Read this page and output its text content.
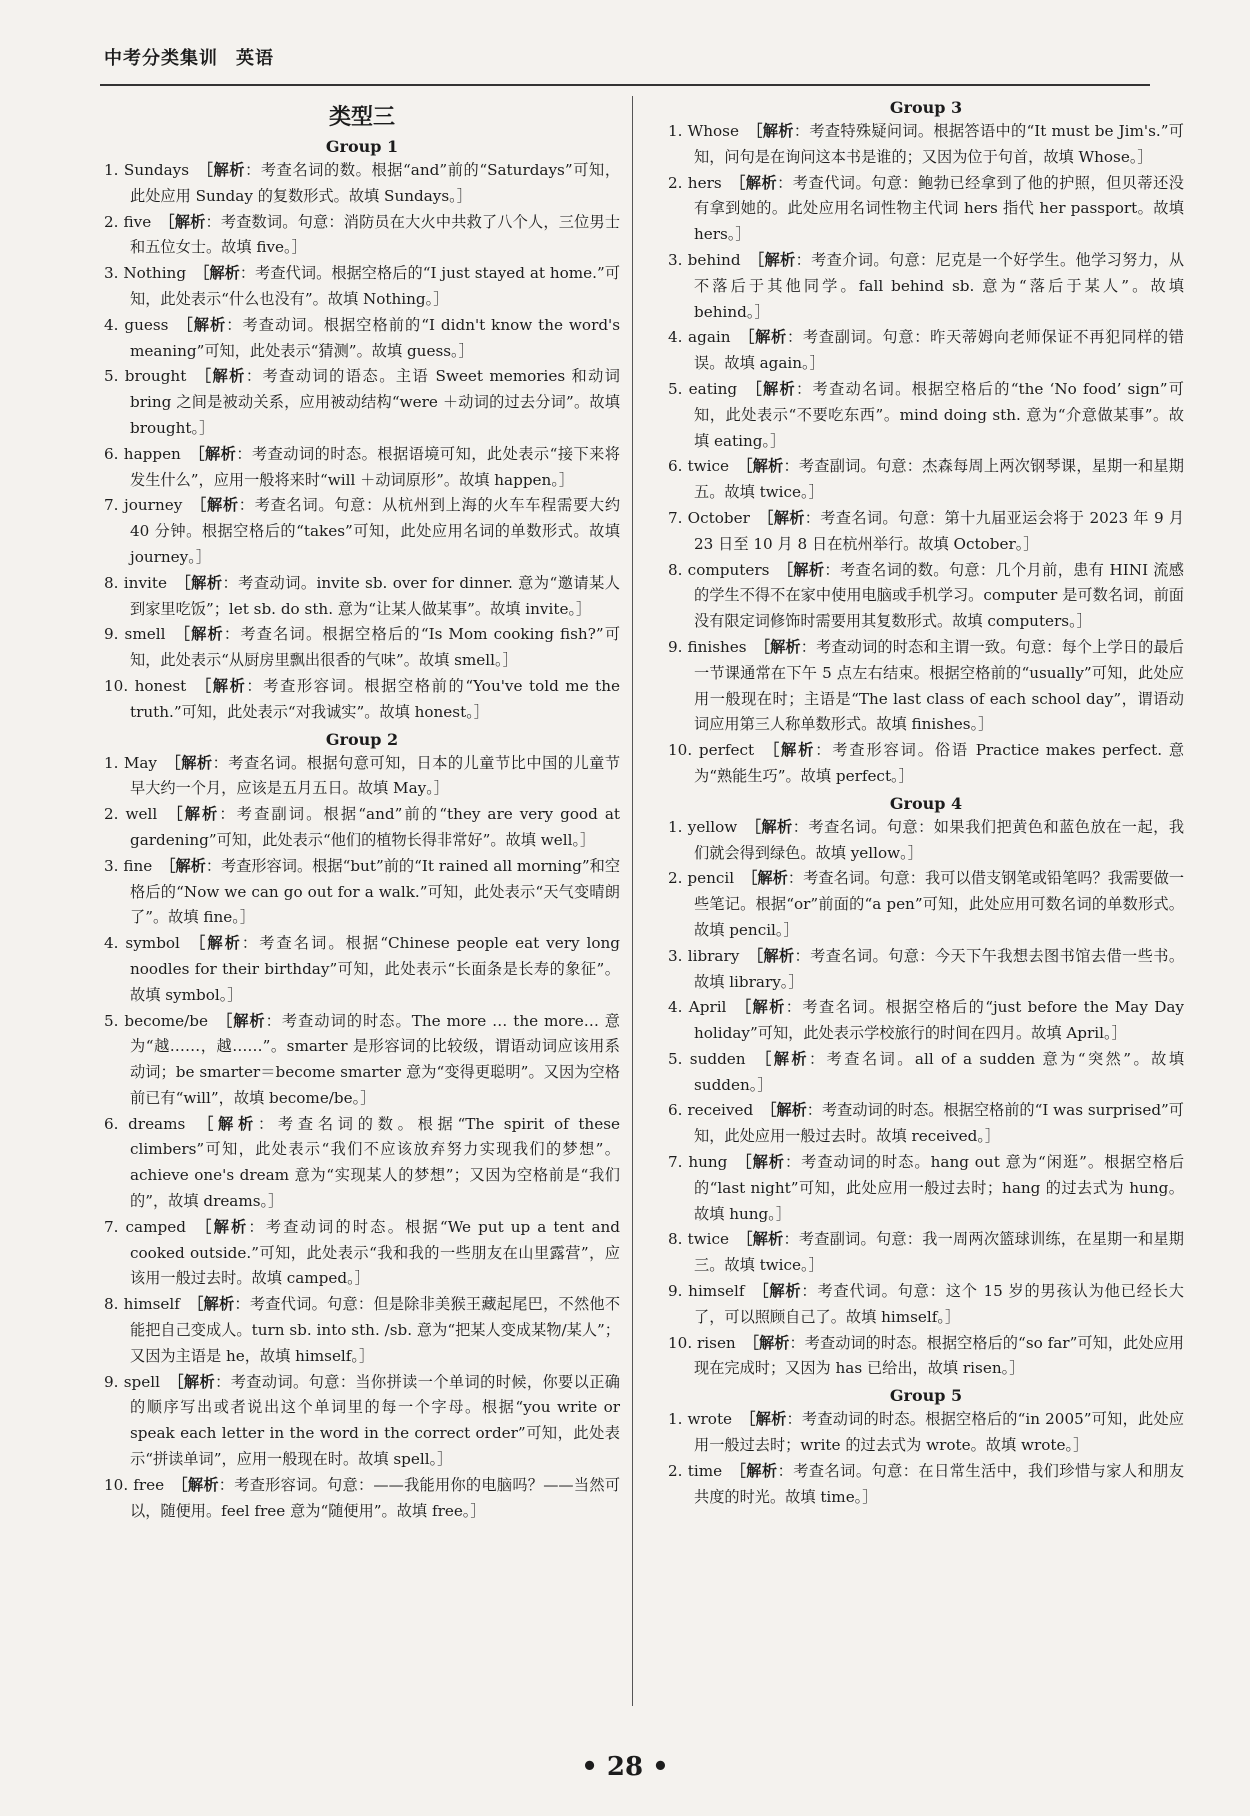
中考分类集训 英语
类型三
Group 1
1. Sundays ［解析：考查名词的数。根据“and”前的“Saturdays”可知，此处应用 Sunday 的复数形式。故填 Sundays。］
2. five ［解析：考查数词。句意：消防员在大火中共救了八个人，三位男士和五位女士。故填 five。］
3. Nothing ［解析：考查代词。根据空格后的“I just stayed at home.”可知，此处表示“什么也没有”。故填 Nothing。］
4. guess ［解析：考查动词。根据空格前的“I didn't know the word's meaning”可知，此处表示“猜测”。故填 guess。］
5. brought ［解析：考查动词的语态。主语 Sweet memories 和动词 bring 之间是被动关系，应用被动结构“were ＋动词的过去分词”。故填 brought。］
6. happen ［解析：考查动词的时态。根据语境可知，此处表示“接下来将发生什么”，应用一般将来时“will ＋动词原形”。故填 happen。］
7. journey ［解析：考查名词。句意：从杭州到上海的火车车程需要大约 40 分钟。根据空格后的“takes”可知，此处应用名词的单数形式。故填 journey。］
8. invite ［解析：考查动词。invite sb. over for dinner. 意为“邀请某人到家里吃饭”；let sb. do sth. 意为“让某人做某事”。故填 invite。］
9. smell ［解析：考查名词。根据空格后的“Is Mom cooking fish?”可知，此处表示“从厨房里飘出很香的气味”。故填 smell。］
10. honest ［解析：考查形容词。根据空格前的“You've told me the truth.”可知，此处表示“对我诚实”。故填 honest。］
Group 2
1. May ［解析：考查名词。根据句意可知，日本的儿童节比中国的儿童节早大约一个月，应该是五月五日。故填 May。］
2. well ［解析：考查副词。根据“and”前的“they are very good at gardening”可知，此处表示“他们的植物长得非常好”。故填 well。］
3. fine ［解析：考查形容词。根据“but”前的“It rained all morning”和空格后的“Now we can go out for a walk.”可知，此处表示“天气变晴朗了”。故填 fine。］
4. symbol ［解析：考查名词。根据“Chinese people eat very long noodles for their birthday”可知，此处表示“长面条是长寿的象征”。故填 symbol。］
5. become/be ［解析：考查动词的时态。The more … the more… 意为“越……，越……”。smarter 是形容词的比较级，谓语动词应该用系动词；be smarter＝become smarter 意为“变得更聪明”。又因为空格前已有“will”，故填 become/be。］
6. dreams ［解析：考查名词的数。根据“The spirit of these climbers”可知，此处表示“我们不应该放弃努力实现我们的梦想”。achieve one's dream 意为“实现某人的梦想”；又因为空格前是“我们的”，故填 dreams。］
7. camped ［解析：考查动词的时态。根据“We put up a tent and cooked outside.”可知，此处表示“我和我的一些朋友在山里露营”，应该用一般过去时。故填 camped。］
8. himself ［解析：考查代词。句意：但是除非美猴王藏起尾巴，不然他不能把自己变成人。turn sb. into sth. /sb. 意为“把某人变成某物/某人”；又因为主语是 he，故填 himself。］
9. spell ［解析：考查动词。句意：当你拼读一个单词的时候，你要以正确的顺序写出或者说出这个单词里的每一个字母。根据“you write or speak each letter in the word in the correct order”可知，此处表示“拼读单词”，应用一般现在时。故填 spell。］
10. free ［解析：考查形容词。句意：——我能用你的电脑吗？——当然可以，随便用。feel free 意为“随便用”。故填 free。］
Group 3
1. Whose ［解析：考查特殊疑问词。根据答语中的“It must be Jim's.”可知，问句是在询问这本书是谁的；又因为位于句首，故填 Whose。］
2. hers ［解析：考查代词。句意：鲍勃已经拿到了他的护照，但贝蒂还没有拿到她的。此处应用名词性物主代词 hers 指代 her passport。故填 hers。］
3. behind ［解析：考查介词。句意：尼克是一个好学生。他学习努力，从不落后于其他同学。fall behind sb. 意为“落后于某人”。故填 behind。］
4. again ［解析：考查副词。句意：昨天蒂姆向老师保证不再犯同样的错误。故填 again。］
5. eating ［解析：考查动名词。根据空格后的“the ‘No food’ sign”可知，此处表示“不要吃东西”。mind doing sth. 意为“介意做某事”。故填 eating。］
6. twice ［解析：考查副词。句意：杰森每周上两次钢琴课，星期一和星期五。故填 twice。］
7. October ［解析：考查名词。句意：第十九届亚运会将于 2023 年 9 月 23 日至 10 月 8 日在杭州举行。故填 October。］
8. computers ［解析：考查名词的数。句意：几个月前，患有 HINI 流感的学生不得不在家中使用电脑或手机学习。computer 是可数名词，前面没有限定词修饰时需要用其复数形式。故填 computers。］
9. finishes ［解析：考查动词的时态和主谓一致。句意：每个上学日的最后一节课通常在下午 5 点左右结束。根据空格前的“usually”可知，此处应用一般现在时；主语是“The last class of each school day”，谓语动词应用第三人称单数形式。故填 finishes。］
10. perfect ［解析：考查形容词。俗语 Practice makes perfect. 意为“熟能生巧”。故填 perfect。］
Group 4
1. yellow ［解析：考查名词。句意：如果我们把黄色和蓝色放在一起，我们就会得到绿色。故填 yellow。］
2. pencil ［解析：考查名词。句意：我可以借支钢笔或铅笔吗？我需要做一些笔记。根据“or”前面的“a pen”可知，此处应用可数名词的单数形式。故填 pencil。］
3. library ［解析：考查名词。句意：今天下午我想去图书馆去借一些书。故填 library。］
4. April ［解析：考查名词。根据空格后的“just before the May Day holiday”可知，此处表示学校旅行的时间在四月。故填 April。］
5. sudden ［解析：考查名词。all of a sudden 意为“突然”。故填 sudden。］
6. received ［解析：考查动词的时态。根据空格前的“I was surprised”可知，此处应用一般过去时。故填 received。］
7. hung ［解析：考查动词的时态。hang out 意为“闲逛”。根据空格后的“last night”可知，此处应用一般过去时；hang 的过去式为 hung。故填 hung。］
8. twice ［解析：考查副词。句意：我一周两次篮球训练，在星期一和星期三。故填 twice。］
9. himself ［解析：考查代词。句意：这个 15 岁的男孩认为他已经长大了，可以照顾自己了。故填 himself。］
10. risen ［解析：考查动词的时态。根据空格后的“so far”可知，此处应用现在完成时；又因为 has 已给出，故填 risen。］
Group 5
1. wrote ［解析：考查动词的时态。根据空格后的“in 2005”可知，此处应用一般过去时；write 的过去式为 wrote。故填 wrote。］
2. time ［解析：考查名词。句意：在日常生活中，我们珍惜与家人和朋友共度的时光。故填 time。］
• 28 •
